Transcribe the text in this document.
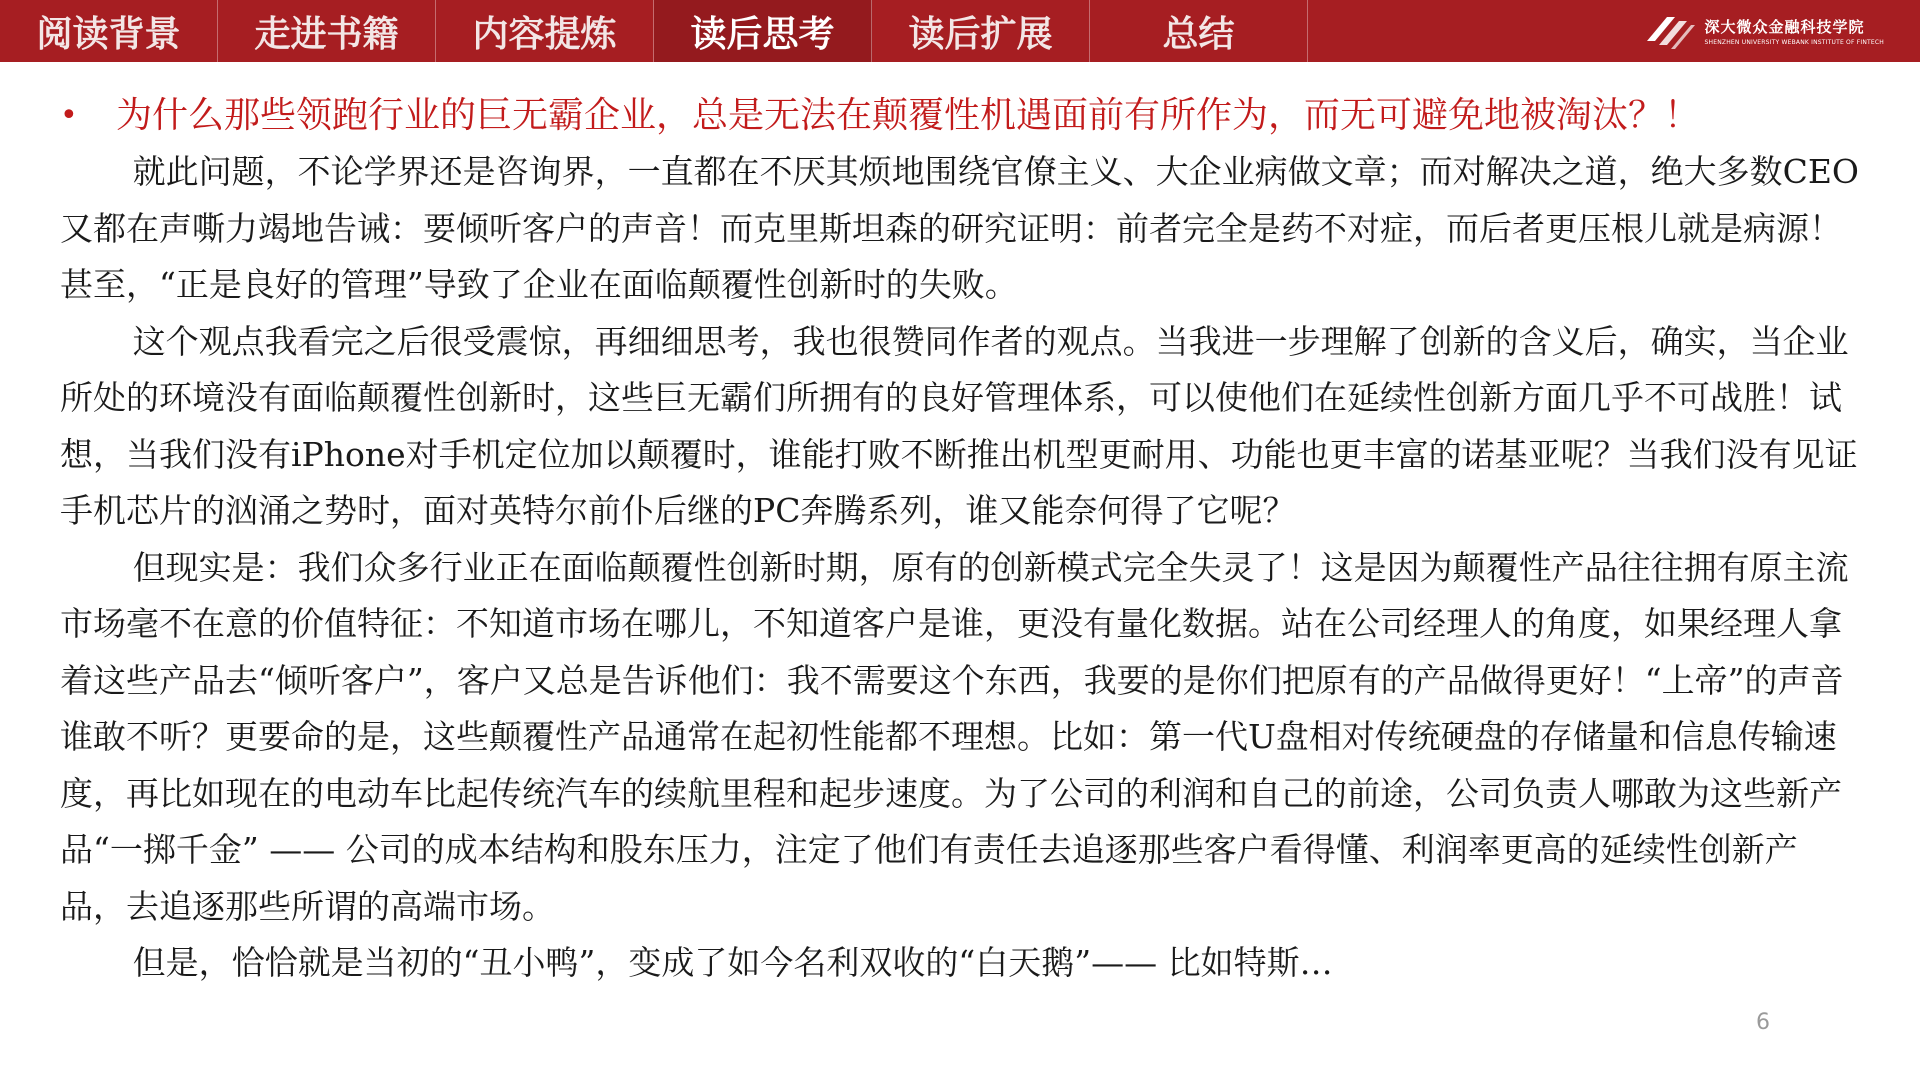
阅读背景	走进书籍	内容提炼	读后思考	读后扩展	总结	深大微众金融科技学院
SHENZHEN UNIVERSITY WEBANK INSTITUTE OF FINTECH
•	为什么那些领跑行业的巨无霸企业，总是无法在颠覆性机遇面前有所作为，而无可避免地被淘汰？！

就此问题，不论学界还是咨询界，一直都在不厌其烦地围绕官僚主义、大企业病做文章；而对解决之道，绝大多数CEO又都在声嘶力竭地告诫：要倾听客户的声音！而克里斯坦森的研究证明：前者完全是药不对症，而后者更压根儿就是病源！甚至，“正是良好的管理”导致了企业在面临颠覆性创新时的失败。

这个观点我看完之后很受震惊，再细细思考，我也很赞同作者的观点。当我进一步理解了创新的含义后，确实，当企业所处的环境没有面临颠覆性创新时，这些巨无霸们所拥有的良好管理体系，可以使他们在延续性创新方面几乎不可战胜！试想，当我们没有iPhone对手机定位加以颠覆时，谁能打败不断推出机型更耐用、功能也更丰富的诺基亚呢？当我们没有见证手机芯片的汹涌之势时，面对英特尔前仆后继的PC奔腾系列，谁又能奈何得了它呢？

但现实是：我们众多行业正在面临颠覆性创新时期，原有的创新模式完全失灵了！这是因为颠覆性产品往往拥有原主流市场毫不在意的价值特征：不知道市场在哪儿，不知道客户是谁，更没有量化数据。站在公司经理人的角度，如果经理人拿着这些产品去“倾听客户”，客户又总是告诉他们：我不需要这个东西，我要的是你们把原有的产品做得更好！“上帝”的声音谁敢不听？更要命的是，这些颠覆性产品通常在起初性能都不理想。比如：第一代U盘相对传统硬盘的存储量和信息传输速度，再比如现在的电动车比起传统汽车的续航里程和起步速度。为了公司的利润和自己的前途，公司负责人哪敢为这些新产品“一掷千金” —— 公司的成本结构和股东压力，注定了他们有责任去追逐那些客户看得懂、利润率更高的延续性创新产品，去追逐那些所谓的高端市场。

但是，恰恰就是当初的“丑小鸭”，变成了如今名利双收的“白天鹅”—— 比如特斯…

6
